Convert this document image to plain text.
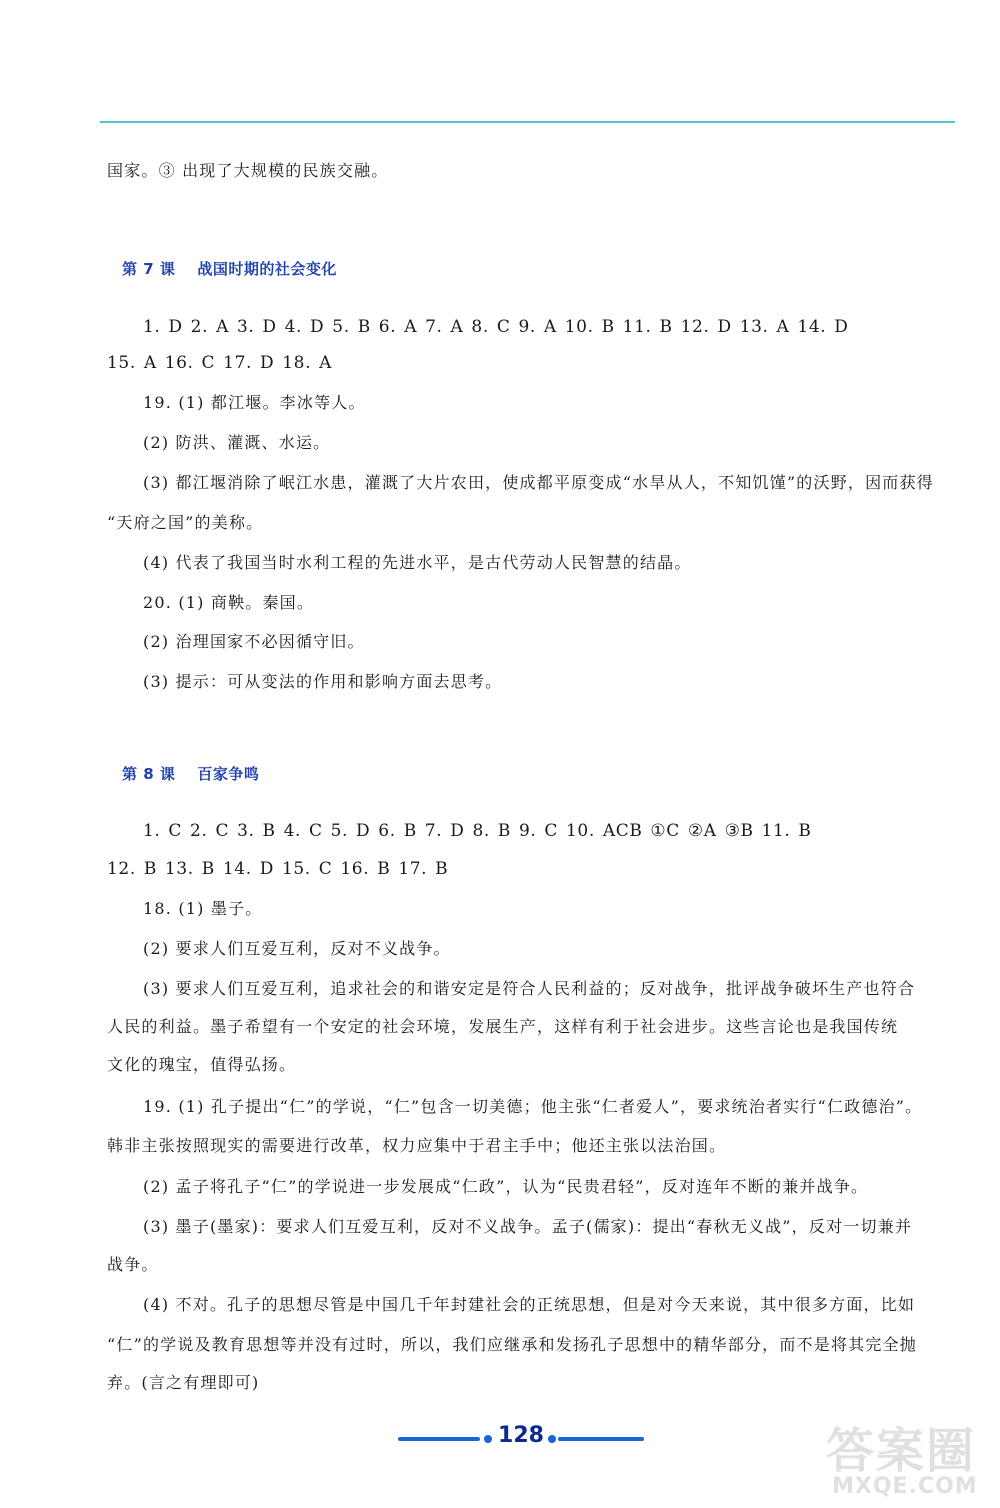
国家。③ 出现了大规模的民族交融。
第 7 课 战国时期的社会变化
1. D 2. A 3. D 4. D 5. B 6. A 7. A 8. C 9. A 10. B 11. B 12. D 13. A 14. D
15. A 16. C 17. D 18. A
19. (1) 都江堰。李冰等人。
(2) 防洪、灌溉、水运。
(3) 都江堰消除了岷江水患，灌溉了大片农田，使成都平原变成“水旱从人，不知饥馑”的沃野，因而获得
“天府之国”的美称。
(4) 代表了我国当时水利工程的先进水平，是古代劳动人民智慧的结晶。
20. (1) 商鞅。秦国。
(2) 治理国家不必因循守旧。
(3) 提示：可从变法的作用和影响方面去思考。
第 8 课 百家争鸣
1. C 2. C 3. B 4. C 5. D 6. B 7. D 8. B 9. C 10. ACB ①C ②A ③B 11. B
12. B 13. B 14. D 15. C 16. B 17. B
18. (1) 墨子。
(2) 要求人们互爱互利，反对不义战争。
(3) 要求人们互爱互利，追求社会的和谐安定是符合人民利益的；反对战争，批评战争破坏生产也符合
人民的利益。墨子希望有一个安定的社会环境，发展生产，这样有利于社会进步。这些言论也是我国传统
文化的瑰宝，值得弘扬。
19. (1) 孔子提出“仁”的学说，“仁”包含一切美德；他主张“仁者爱人”，要求统治者实行“仁政德治”。
韩非主张按照现实的需要进行改革，权力应集中于君主手中；他还主张以法治国。
(2) 孟子将孔子“仁”的学说进一步发展成“仁政”，认为“民贵君轻”，反对连年不断的兼并战争。
(3) 墨子(墨家)：要求人们互爱互利，反对不义战争。孟子(儒家)：提出“春秋无义战”，反对一切兼并
战争。
(4) 不对。孔子的思想尽管是中国几千年封建社会的正统思想，但是对今天来说，其中很多方面，比如
“仁”的学说及教育思想等并没有过时，所以，我们应继承和发扬孔子思想中的精华部分，而不是将其完全抛
弃。(言之有理即可)
128	答案圈
MXQE.COM
